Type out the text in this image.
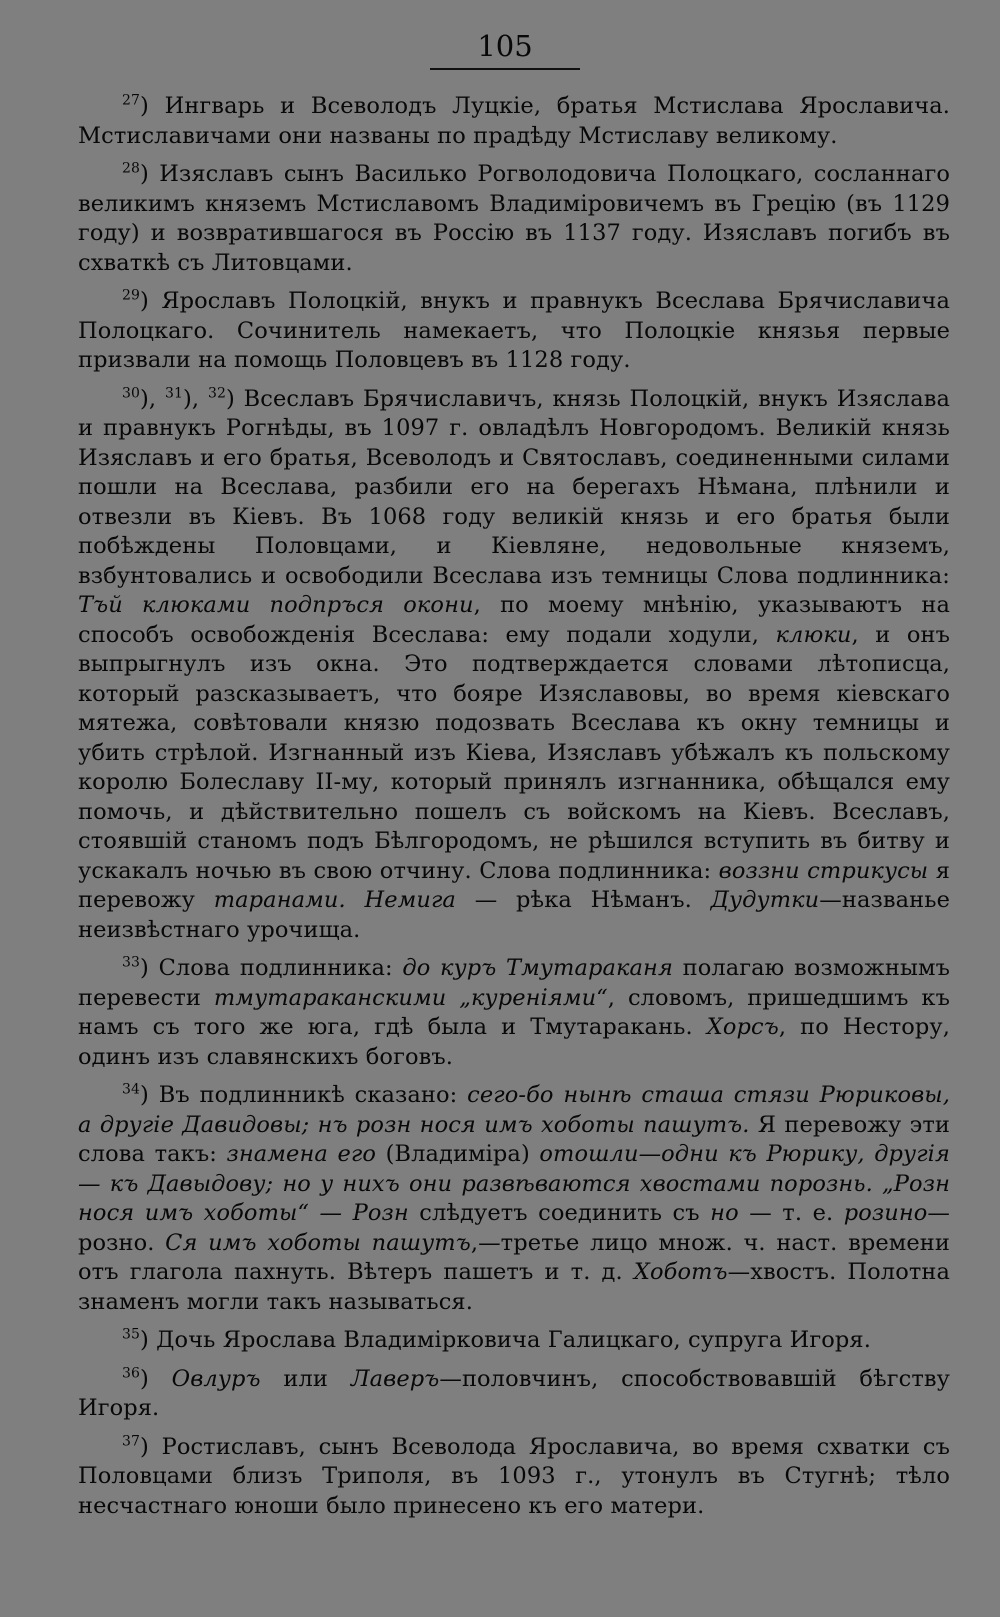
105

$^{27}$) Ингварь и Всеволодъ Луцкіе, братья Мстислава Ярославича. Мстиславичами они названы по прадѣду Мстиславу великому.

$^{28}$) Изяславъ сынъ Василько Рогволодовича Полоцкаго, сосланнаго великимъ княземъ Мстиславомъ Владиміровичемъ въ Грецію (въ 1129 году) и возвратившагося въ Россію въ 1137 году. Изяславъ погибъ въ схваткѣ съ Литовцами.

$^{29}$) Ярославъ Полоцкій, внукъ и правнукъ Всеслава Брячиславича Полоцкаго. Сочинитель намекаетъ, что Полоцкіе князья первые призвали на помощь Половцевъ въ 1128 году.

$^{30}$), $^{31}$), $^{32}$) Всеславъ Брячиславичъ, князь Полоцкій, внукъ Изяслава и правнукъ Рогнѣды, въ 1097 г. овладѣлъ Новгородомъ. Великій князь Изяславъ и его братья, Всеволодъ и Святославъ, соединенными силами пошли на Всеслава, разбили его на берегахъ Нѣмана, плѣнили и отвезли въ Кіевъ. Въ 1068 году великій князь и его братья были побѣждены Половцами, и Кіевляне, недовольные княземъ, взбунтовались и освободили Всеслава изъ темницы Слова подлинника: Тъй клюками подпръся окони, по моему мнѣнію, указываютъ на способъ освобожденія Всеслава: ему подали ходули, клюки, и онъ выпрыгнулъ изъ окна. Это подтверждается словами лѣтописца, который разсказываетъ, что бояре Изяславовы, во время кіевскаго мятежа, совѣтовали князю подозвать Всеслава къ окну темницы и убить стрѣлой. Изгнанный изъ Кіева, Изяславъ убѣжалъ къ польскому королю Болеславу II-му, который принялъ изгнанника, обѣщался ему помочь, и дѣйствительно пошелъ съ войскомъ на Кіевъ. Всеславъ, стоявшій станомъ подъ Бѣлгородомъ, не рѣшился вступить въ битву и ускакалъ ночью въ свою отчину. Слова подлинника: воззни стрикусы я перевожу таранами. Немига — рѣка Нѣманъ. Дудутки—названье неизвѣстнаго урочища.

$^{33}$) Слова подлинника: до куръ Тмутараканя полагаю возможнымъ перевести тмутараканскими „куреніями“, словомъ, пришедшимъ къ намъ съ того же юга, гдѣ была и Тмутаракань. Хорсъ, по Нестору, одинъ изъ славянскихъ боговъ.

$^{34}$) Въ подлинникѣ сказано: сего-бо нынѣ сташа стязи Рюриковы, а другіе Давидовы; нъ розн нося имъ хоботы пашутъ. Я перевожу эти слова такъ: знамена его (Владиміра) отошли—одни къ Рюрику, другія — къ Давыдову; но у нихъ они развѣваются хвостами порознь. „Розн нося имъ хоботы“ — Розн слѣдуетъ соединить съ но — т. е. розино—розно. Ся имъ хоботы пашутъ,—третье лицо множ. ч. наст. времени отъ глагола пахнуть. Вѣтеръ пашетъ и т. д. Хоботъ—хвостъ. Полотна знаменъ могли такъ называться.

$^{35}$) Дочь Ярослава Владимірковича Галицкаго, супруга Игоря.

$^{36}$) Овлуръ или Лаверъ—половчинъ, способствовавшій бѣгству Игоря.

$^{37}$) Ростиславъ, сынъ Всеволода Ярославича, во время схватки съ Половцами близъ Триполя, въ 1093 г., утонулъ въ Стугнѣ; тѣло несчастнаго юноши было принесено къ его матери.
